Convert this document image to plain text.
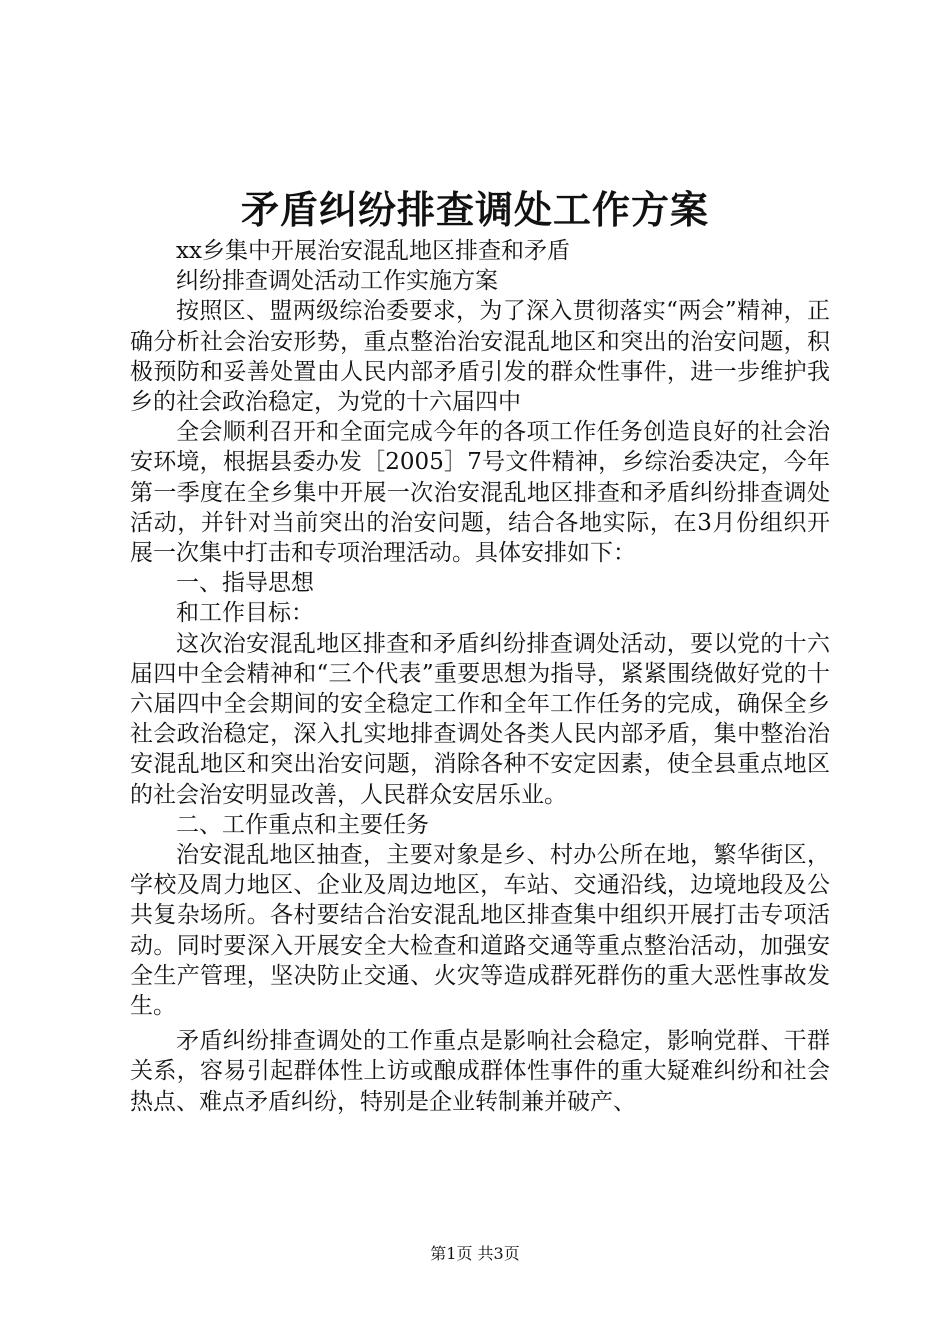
矛盾纠纷排查调处工作方案

xx乡集中开展治安混乱地区排查和矛盾

纠纷排查调处活动工作实施方案

按照区、盟两级综治委要求，为了深入贯彻落实“两会”精神，正确分析社会治安形势，重点整治治安混乱地区和突出的治安问题，积极预防和妥善处置由人民内部矛盾引发的群众性事件，进一步维护我乡的社会政治稳定，为党的十六届四中

全会顺利召开和全面完成今年的各项工作任务创造良好的社会治安环境，根据县委办发［2005］7号文件精神，乡综治委决定，今年第一季度在全乡集中开展一次治安混乱地区排查和矛盾纠纷排查调处活动，并针对当前突出的治安问题，结合各地实际，在3月份组织开展一次集中打击和专项治理活动。具体安排如下：

一、指导思想

和工作目标：

这次治安混乱地区排查和矛盾纠纷排查调处活动，要以党的十六届四中全会精神和“三个代表”重要思想为指导，紧紧围绕做好党的十六届四中全会期间的安全稳定工作和全年工作任务的完成，确保全乡社会政治稳定，深入扎实地排查调处各类人民内部矛盾，集中整治治安混乱地区和突出治安问题，消除各种不安定因素，使全县重点地区的社会治安明显改善，人民群众安居乐业。

二、工作重点和主要任务

治安混乱地区抽查，主要对象是乡、村办公所在地，繁华街区，学校及周力地区、企业及周边地区，车站、交通沿线，边境地段及公共复杂场所。各村要结合治安混乱地区排查集中组织开展打击专项活动。同时要深入开展安全大检查和道路交通等重点整治活动，加强安全生产管理，坚决防止交通、火灾等造成群死群伤的重大恶性事故发生。

矛盾纠纷排查调处的工作重点是影响社会稳定，影响党群、干群关系，容易引起群体性上访或酿成群体性事件的重大疑难纠纷和社会热点、难点矛盾纠纷，特别是企业转制兼并破产、

第1页 共3页
